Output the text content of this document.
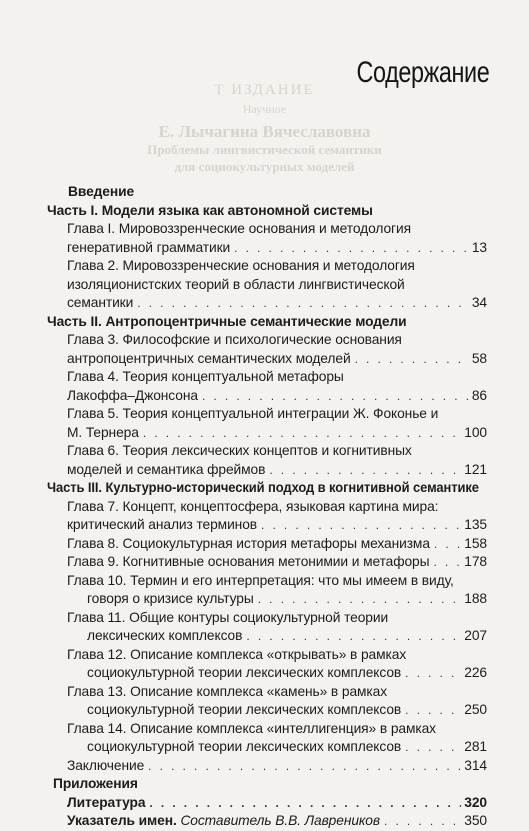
Т ИЗДАНИЕ
Научное
Е. Лычагина Вячеславовна
Проблемы лингвистической семантики
для социокультурных моделей
Содержание
Введение
Часть I. Модели языка как автономной системы
Глава I. Мировоззренческие основания и методология
генеративной грамматики . . .	13
Глава 2. Мировоззренческие основания и методология
изоляционистских теорий в области лингвистической
семантики . . .	34
Часть II. Антропоцентричные семантические модели
Глава 3. Философские и психологические основания
антропоцентричных семантических моделей . . .	58
Глава 4. Теория концептуальной метафоры
Лакоффа–Джонсона . . .	86
Глава 5. Теория концептуальной интеграции Ж. Фоконье и
М. Тернера . . .	100
Глава 6. Теория лексических концептов и когнитивных
моделей и семантика фреймов . . .	121
Часть III. Культурно-исторический подход в когнитивной семантике
Глава 7. Концепт, концептосфера, языковая картина мира:
критический анализ терминов . . .	135
Глава 8. Социокультурная история метафоры механизма . . . 158
Глава 9. Когнитивные основания метонимии и метафоры . . .	178
Глава 10. Термин и его интерпретация: что мы имеем в виду,
говоря о кризисе культуры . . .	188
Глава 11. Общие контуры социокультурной теории
лексических комплексов . . .	207
Глава 12. Описание комплекса «открывать» в рамках
социокультурной теории лексических комплексов . . .	226
Глава 13. Описание комплекса «камень» в рамках
социокультурной теории лексических комплексов . . .	250
Глава 14. Описание комплекса «интеллигенция» в рамках
социокультурной теории лексических комплексов . . .	281
Заключение . . .	314
Приложения
Литература . . .	320
Указатель имен. Составитель В.В. Лавреников . . .	350
